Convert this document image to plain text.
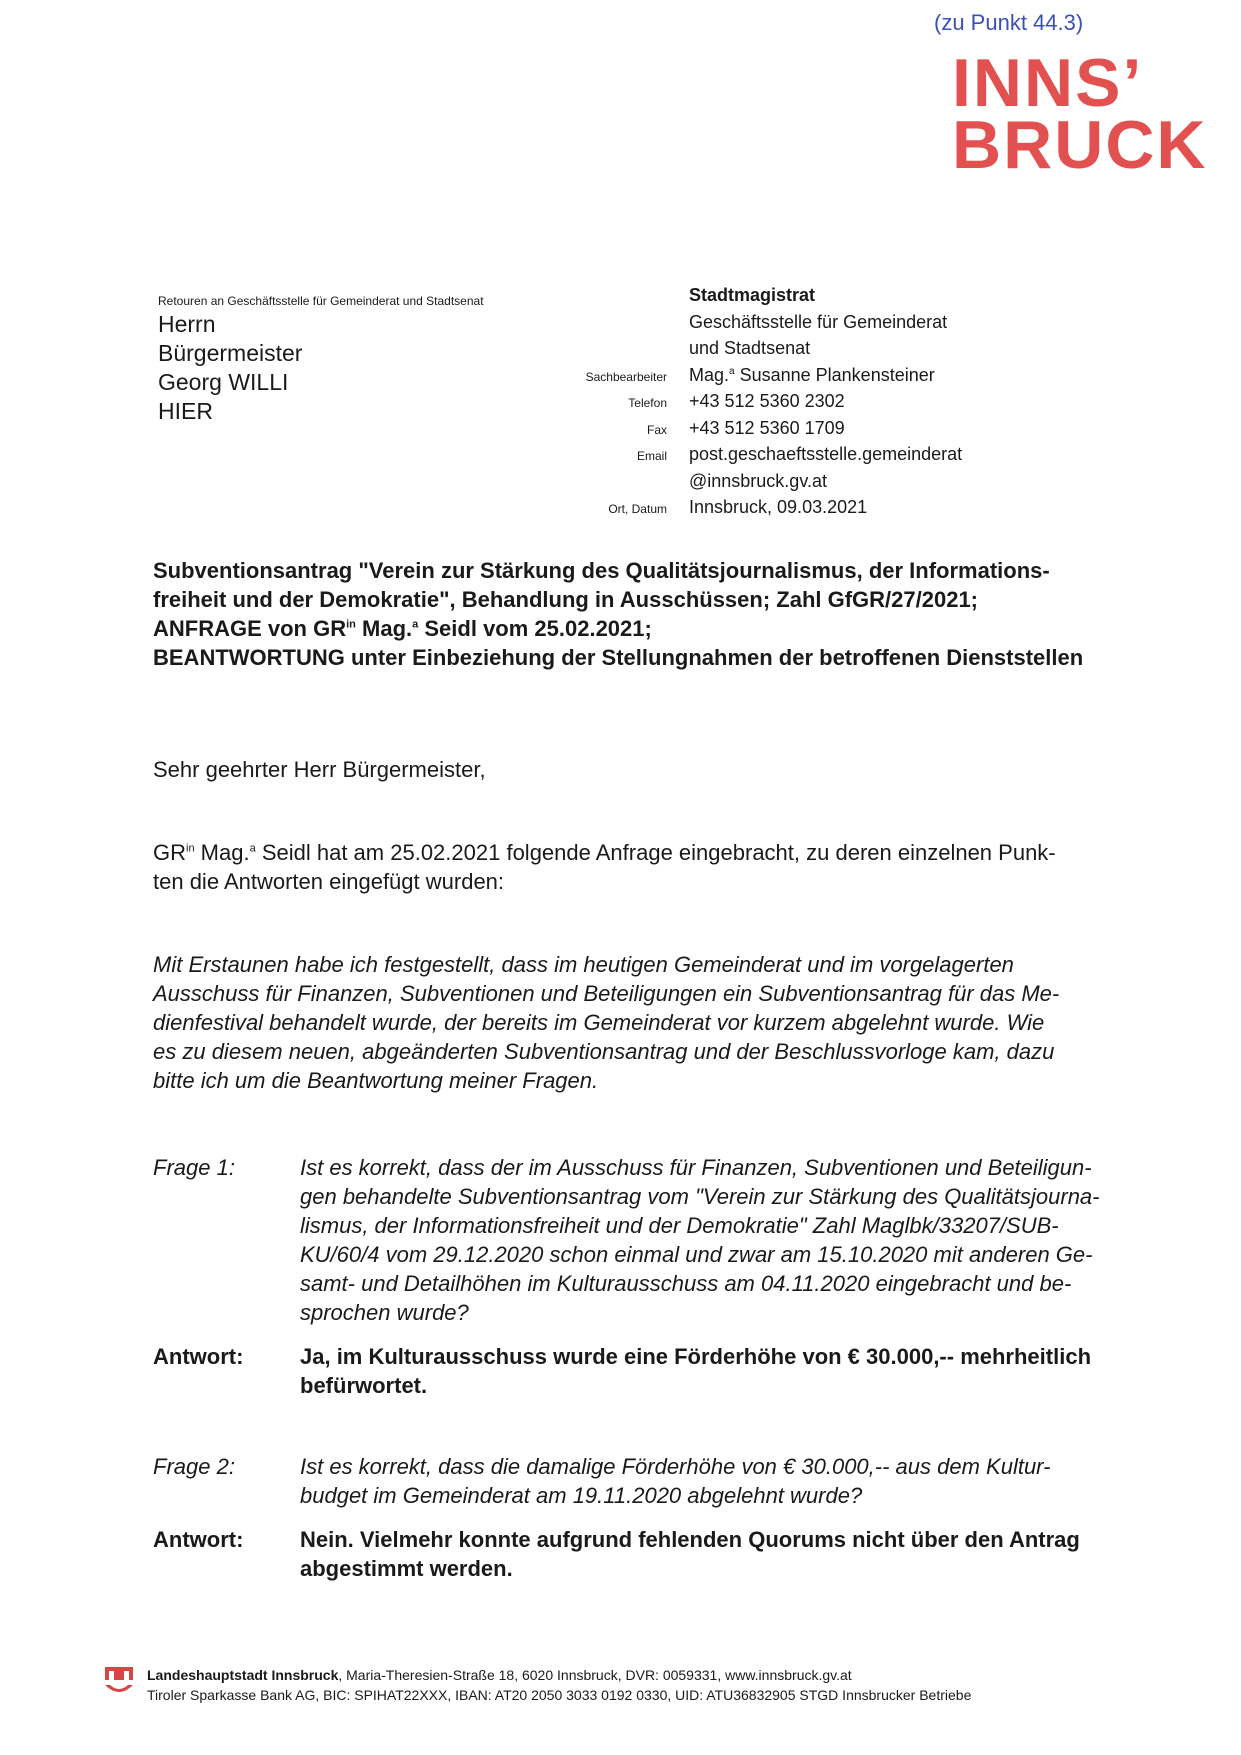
(zu Punkt 44.3)
INNS’
BRUCK
Retouren an Geschäftsstelle für Gemeinderat und Stadtsenat
Herrn
Bürgermeister
Georg WILLI
HIER
Stadtmagistrat
Geschäftsstelle für Gemeinderat
und Stadtsenat
Sachbearbeiter	Mag.$^a$ Susanne Plankensteiner
Telefon	+43 512 5360 2302
Fax	+43 512 5360 1709
Email	post.geschaeftsstelle.gemeinderat
@innsbruck.gv.at
Ort, Datum	Innsbruck, 09.03.2021
Subventionsantrag "Verein zur Stärkung des Qualitätsjournalismus, der Informations-
freiheit und der Demokratie", Behandlung in Ausschüssen; Zahl GfGR/27/2021;
ANFRAGE von $GR^{in}$ Mag.$^a$ Seidl vom 25.02.2021;
BEANTWORTUNG unter Einbeziehung der Stellungnahmen der betroffenen Dienststellen
Sehr geehrter Herr Bürgermeister,
$GR^{in}$ Mag.$^a$ Seidl hat am 25.02.2021 folgende Anfrage eingebracht, zu deren einzelnen Punk-
ten die Antworten eingefügt wurden:
Mit Erstaunen habe ich festgestellt, dass im heutigen Gemeinderat und im vorgelagerten
Ausschuss für Finanzen, Subventionen und Beteiligungen ein Subventionsantrag für das Me-
dienfestival behandelt wurde, der bereits im Gemeinderat vor kurzem abgelehnt wurde. Wie
es zu diesem neuen, abgeänderten Subventionsantrag und der Beschlussvorloge kam, dazu
bitte ich um die Beantwortung meiner Fragen.
Frage 1:	Ist es korrekt, dass der im Ausschuss für Finanzen, Subventionen und Beteiligun-
gen behandelte Subventionsantrag vom "Verein zur Stärkung des Qualitätsjourna-
lismus, der Informationsfreiheit und der Demokratie" Zahl Maglbk/33207/SUB-
KU/60/4 vom 29.12.2020 schon einmal und zwar am 15.10.2020 mit anderen Ge-
samt- und Detailhöhen im Kulturausschuss am 04.11.2020 eingebracht und be-
sprochen wurde?
Antwort:	Ja, im Kulturausschuss wurde eine Förderhöhe von € 30.000,-- mehrheitlich
befürwortet.
Frage 2:	Ist es korrekt, dass die damalige Förderhöhe von € 30.000,-- aus dem Kultur-
budget im Gemeinderat am 19.11.2020 abgelehnt wurde?
Antwort:	Nein. Vielmehr konnte aufgrund fehlenden Quorums nicht über den Antrag
abgestimmt werden.
Landeshauptstadt Innsbruck, Maria-Theresien-Straße 18, 6020 Innsbruck, DVR: 0059331, www.innsbruck.gv.at
Tiroler Sparkasse Bank AG, BIC: SPIHAT22XXX, IBAN: AT20 2050 3033 0192 0330, UID: ATU36832905 STGD Innsbrucker Betriebe
